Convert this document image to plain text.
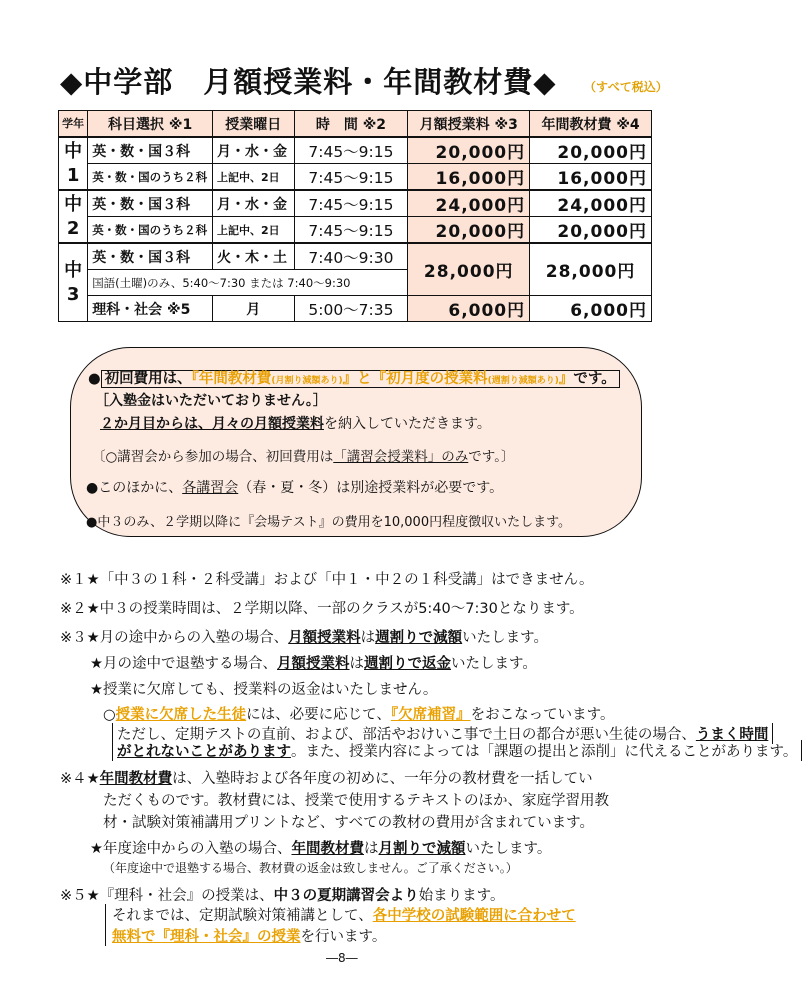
◆中学部　月額授業料・年間教材費◆ （すべて税込）
学年	科目選択 ※1	授業曜日	時　間 ※2	月額授業料 ※3	年間教材費 ※4
中
1	英・数・国３科	月・水・金	7:45～9:15	20,000円	20,000円
	英・数・国のうち２科	上記中、2日	7:45～9:15	16,000円	16,000円
中
2	英・数・国３科	月・水・金	7:45～9:15	24,000円	24,000円
	英・数・国のうち２科	上記中、2日	7:45～9:15	20,000円	20,000円
中
3	英・数・国３科	火・木・土	7:40～9:30	28,000円	28,000円
	国語(土曜)のみ、5:40～7:30 または 7:40～9:30				
	理科・社会 ※5	月	5:00～7:35	6,000円	6,000円
● 初回費用は、『年間教材費(月割り減額あり)』と『初月度の授業料(週割り減額あり)』です。
［入塾金はいただいておりません。］
２か月目からは、月々の月額授業料を納入していただきます。
〔○講習会から参加の場合、初回費用は「講習会授業料」のみです。〕
●このほかに、各講習会（春・夏・冬）は別途授業料が必要です。
●中３のみ、２学期以降に『会場テスト』の費用を10,000円程度徴収いたします。
※１★「中３の１科・２科受講」および「中１・中２の１科受講」はできません。
※２★中３の授業時間は、２学期以降、一部のクラスが5:40～7:30となります。
※３★月の途中からの入塾の場合、月額授業料は週割りで減額いたします。
★月の途中で退塾する場合、月額授業料は週割りで返金いたします。
★授業に欠席しても、授業料の返金はいたしません。
○授業に欠席した生徒には、必要に応じて、『欠席補習』をおこなっています。
ただし、定期テストの直前、および、部活やおけいこ事で土日の都合が悪い生徒の場合、うまく時間
がとれないことがあります。また、授業内容によっては「課題の提出と添削」に代えることがあります。
※４★年間教材費は、入塾時および各年度の初めに、一年分の教材費を一括してい
ただくものです。教材費には、授業で使用するテキストのほか、家庭学習用教
材・試験対策補講用プリントなど、すべての教材の費用が含まれています。
★年度途中からの入塾の場合、年間教材費は月割りで減額いたします。
（年度途中で退塾する場合、教材費の返金は致しません。ご了承ください。）
※５★『理科・社会』の授業は、中３の夏期講習会より始まります。
それまでは、定期試験対策補講として、各中学校の試験範囲に合わせて
無料で『理科・社会』の授業を行います。
―8―
